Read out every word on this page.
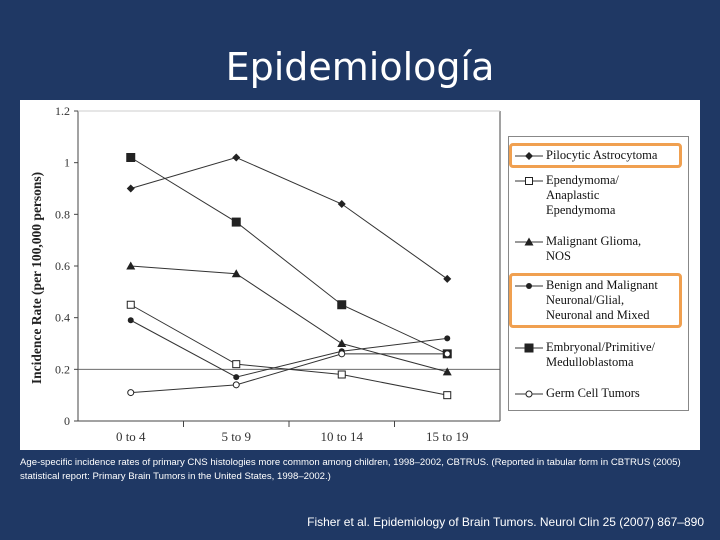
Epidemiología
0
0.2
0.4
0.6
0.8
1
1.2
0 to 4	5 to 9	10 to 14	15 to 19
Incidence Rate (per 100,000 persons)
Pilocytic Astrocytoma
Ependymoma/
Anaplastic
Ependymoma
Malignant Glioma,
NOS
Benign and Malignant
Neuronal/Glial,
Neuronal and Mixed
Embryonal/Primitive/
Medulloblastoma
Germ Cell Tumors
Age-specific incidence rates of primary CNS histologies more common among children, 1998–2002, CBTRUS. (Reported in tabular form in CBTRUS (2005) statistical report: Primary Brain Tumors in the United States, 1998–2002.)
Fisher et al. Epidemiology of Brain Tumors. Neurol Clin 25 (2007) 867–890
